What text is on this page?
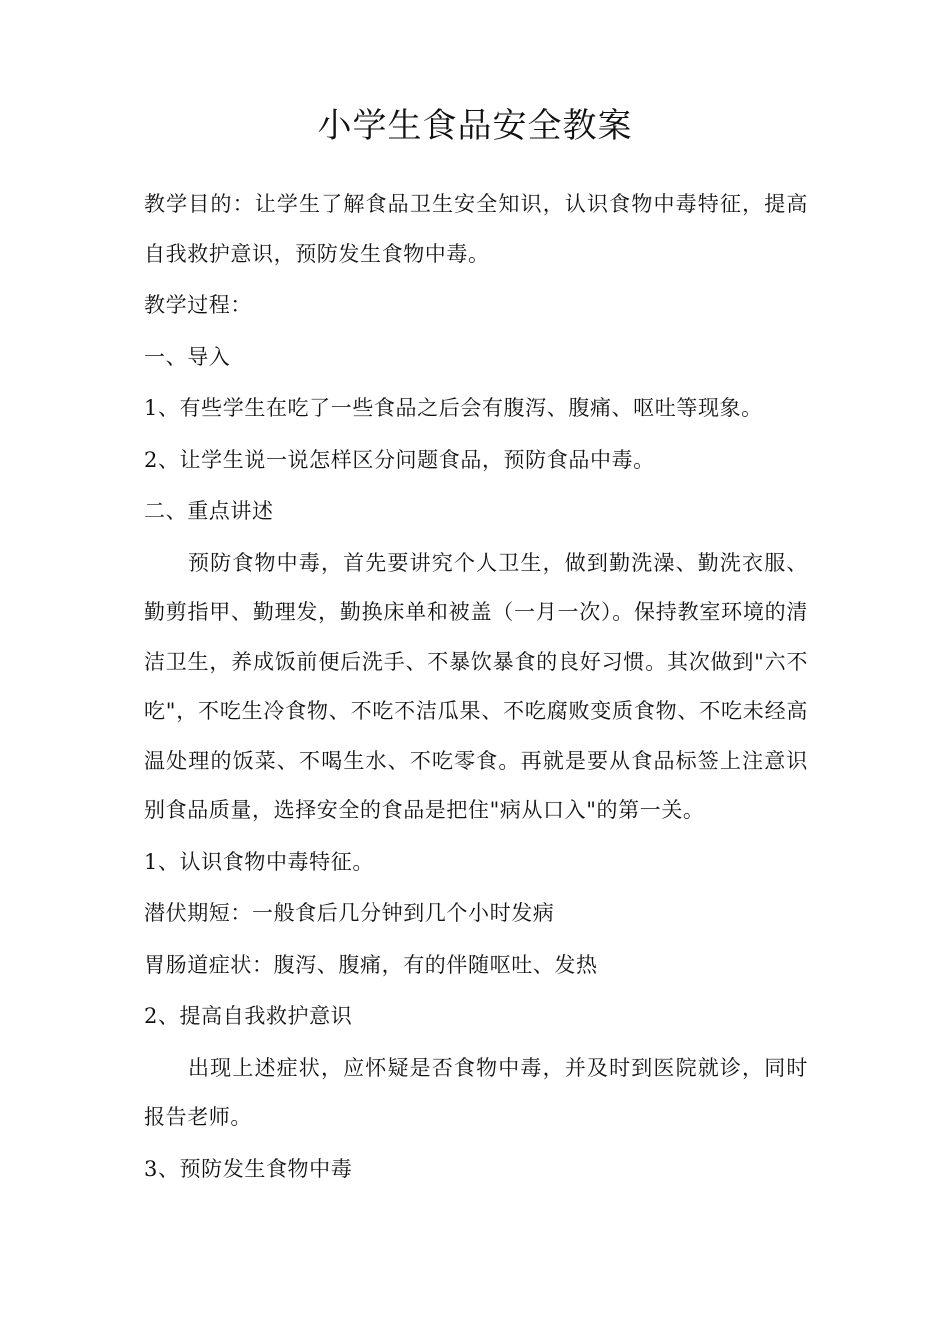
小学生食品安全教案

教学目的：让学生了解食品卫生安全知识，认识食物中毒特征，提高自我救护意识，预防发生食物中毒。

教学过程：

一、导入

1、有些学生在吃了一些食品之后会有腹泻、腹痛、呕吐等现象。

2、让学生说一说怎样区分问题食品，预防食品中毒。

二、重点讲述

预防食物中毒，首先要讲究个人卫生，做到勤洗澡、勤洗衣服、勤剪指甲、勤理发，勤换床单和被盖（一月一次）。保持教室环境的清洁卫生，养成饭前便后洗手、不暴饮暴食的良好习惯。其次做到"六不吃"，不吃生冷食物、不吃不洁瓜果、不吃腐败变质食物、不吃未经高温处理的饭菜、不喝生水、不吃零食。再就是要从食品标签上注意识别食品质量，选择安全的食品是把住"病从口入"的第一关。

1、认识食物中毒特征。

潜伏期短：一般食后几分钟到几个小时发病

胃肠道症状：腹泻、腹痛，有的伴随呕吐、发热

2、提高自我救护意识

出现上述症状，应怀疑是否食物中毒，并及时到医院就诊，同时报告老师。

3、预防发生食物中毒
